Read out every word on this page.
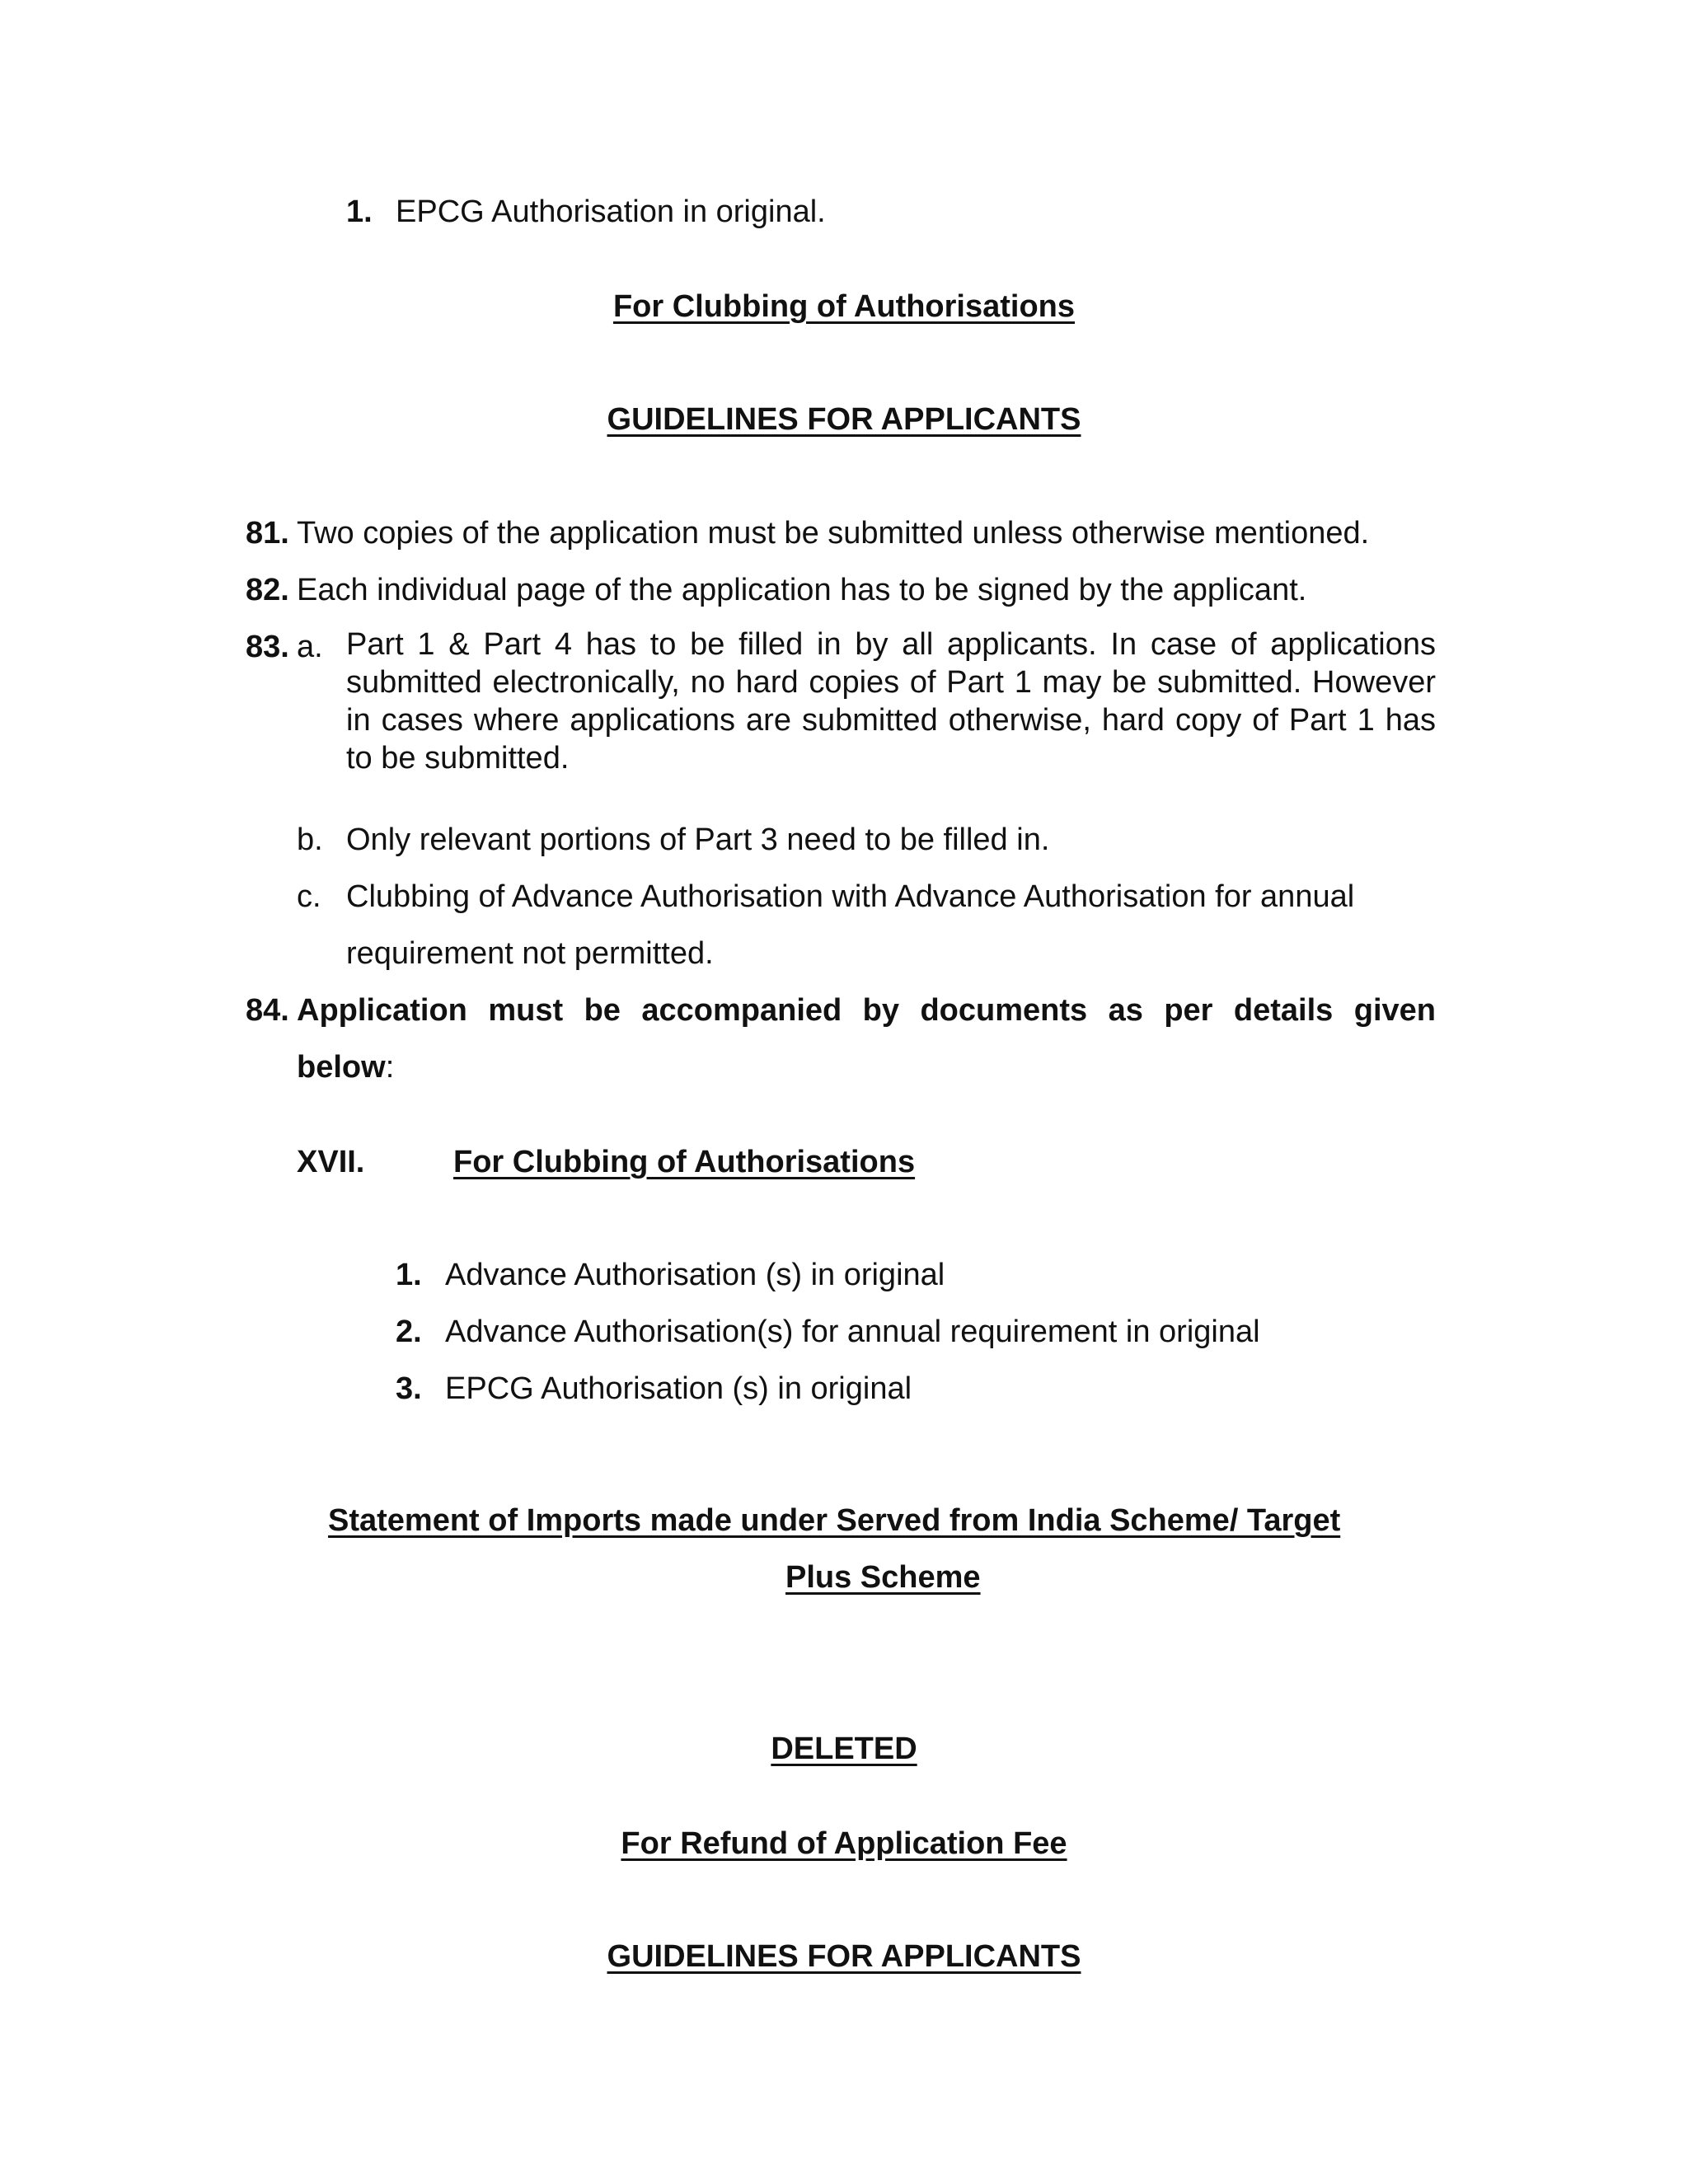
1. EPCG Authorisation in original.
For Clubbing of Authorisations
GUIDELINES FOR APPLICANTS
81. Two copies of the application must be submitted unless otherwise mentioned.
82. Each individual page of the application has to be signed by the applicant.
83. a. Part 1 & Part 4 has to be filled in by all applicants. In case of applications submitted electronically, no hard copies of Part 1 may be submitted. However in cases where applications are submitted otherwise, hard copy of Part 1 has to be submitted.
b. Only relevant portions of Part 3 need to be filled in.
c. Clubbing of Advance Authorisation with Advance Authorisation for annual
requirement not permitted.
84. Application must be accompanied by documents as per details given
below:
XVII.	For Clubbing of Authorisations
1. Advance Authorisation (s) in original
2. Advance Authorisation(s) for annual requirement in original
3. EPCG Authorisation (s) in original
Statement of Imports made under Served from India Scheme/ Target
Plus Scheme
DELETED
For Refund of Application Fee
GUIDELINES FOR APPLICANTS
